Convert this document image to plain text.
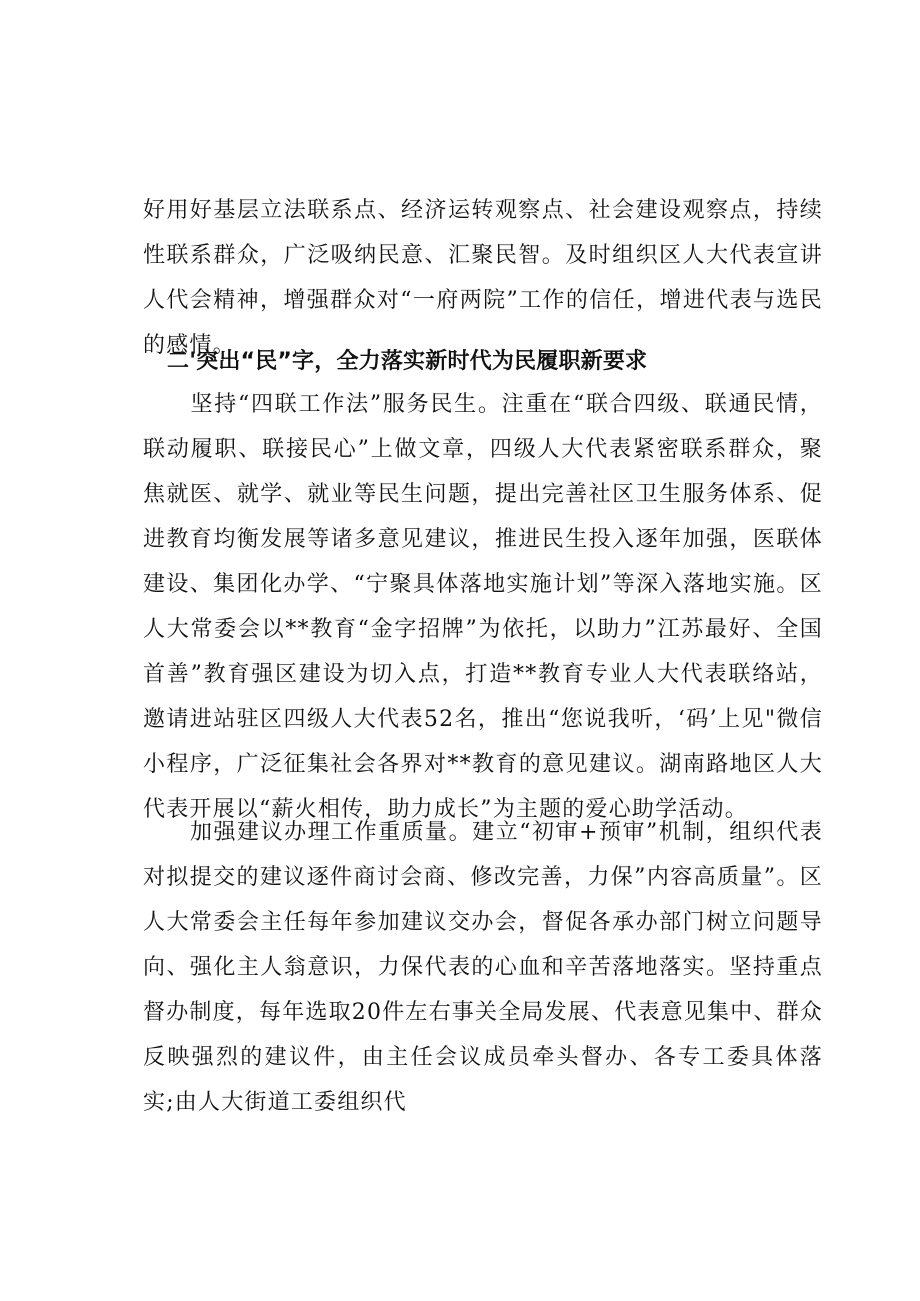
好用好基层立法联系点、经济运转观察点、社会建设观察点，持续性联系群众，广泛吸纳民意、汇聚民智。及时组织区人大代表宣讲人代会精神，增强群众对“一府两院”工作的信任，增进代表与选民的感情。

二'突出“民”字，全力落实新时代为民履职新要求

　　坚持“四联工作法”服务民生。注重在“联合四级、联通民情，联动履职、联接民心”上做文章，四级人大代表紧密联系群众，聚焦就医、就学、就业等民生问题，提出完善社区卫生服务体系、促进教育均衡发展等诸多意见建议，推进民生投入逐年加强，医联体建设、集团化办学、“宁聚具体落地实施计划”等深入落地实施。区人大常委会以**教育“金字招牌”为依托，以助力”江苏最好、全国首善”教育强区建设为切入点，打造**教育专业人大代表联络站，邀请进站驻区四级人大代表52名，推出“您说我听，‘码’上见"微信小程序，广泛征集社会各界对**教育的意见建议。湖南路地区人大代表开展以“薪火相传，助力成长”为主题的爱心助学活动。

　　加强建议办理工作重质量。建立“初审+预审”机制，组织代表对拟提交的建议逐件商讨会商、修改完善，力保”内容高质量”。区人大常委会主任每年参加建议交办会，督促各承办部门树立问题导向、强化主人翁意识，力保代表的心血和辛苦落地落实。坚持重点督办制度，每年选取20件左右事关全局发展、代表意见集中、群众反映强烈的建议件，由主任会议成员牵头督办、各专工委具体落实;由人大街道工委组织代
